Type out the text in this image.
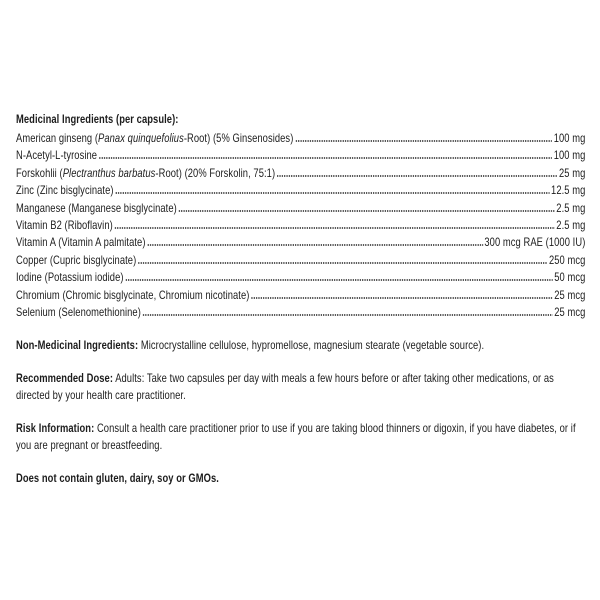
Medicinal Ingredients (per capsule):
American ginseng (Panax quinquefolius-Root) (5% Ginsenosides)	100 mg
N-Acetyl-L-tyrosine	100 mg
Forskohlii (Plectranthus barbatus-Root) (20% Forskolin, 75:1)	25 mg
Zinc (Zinc bisglycinate)	12.5 mg
Manganese (Manganese bisglycinate)	2.5 mg
Vitamin B2 (Riboflavin)	2.5 mg
Vitamin A (Vitamin A palmitate)	300 mcg RAE (1000 IU)
Copper (Cupric bisglycinate)	250 mcg
Iodine (Potassium iodide)	50 mcg
Chromium (Chromic bisglycinate, Chromium nicotinate)	25 mcg
Selenium (Selenomethionine)	25 mcg

Non-Medicinal Ingredients: Microcrystalline cellulose, hypromellose, magnesium stearate (vegetable source).

Recommended Dose: Adults: Take two capsules per day with meals a few hours before or after taking other medications, or as directed by your health care practitioner.

Risk Information: Consult a health care practitioner prior to use if you are taking blood thinners or digoxin, if you have diabetes, or if you are pregnant or breastfeeding.

Does not contain gluten, dairy, soy or GMOs.
